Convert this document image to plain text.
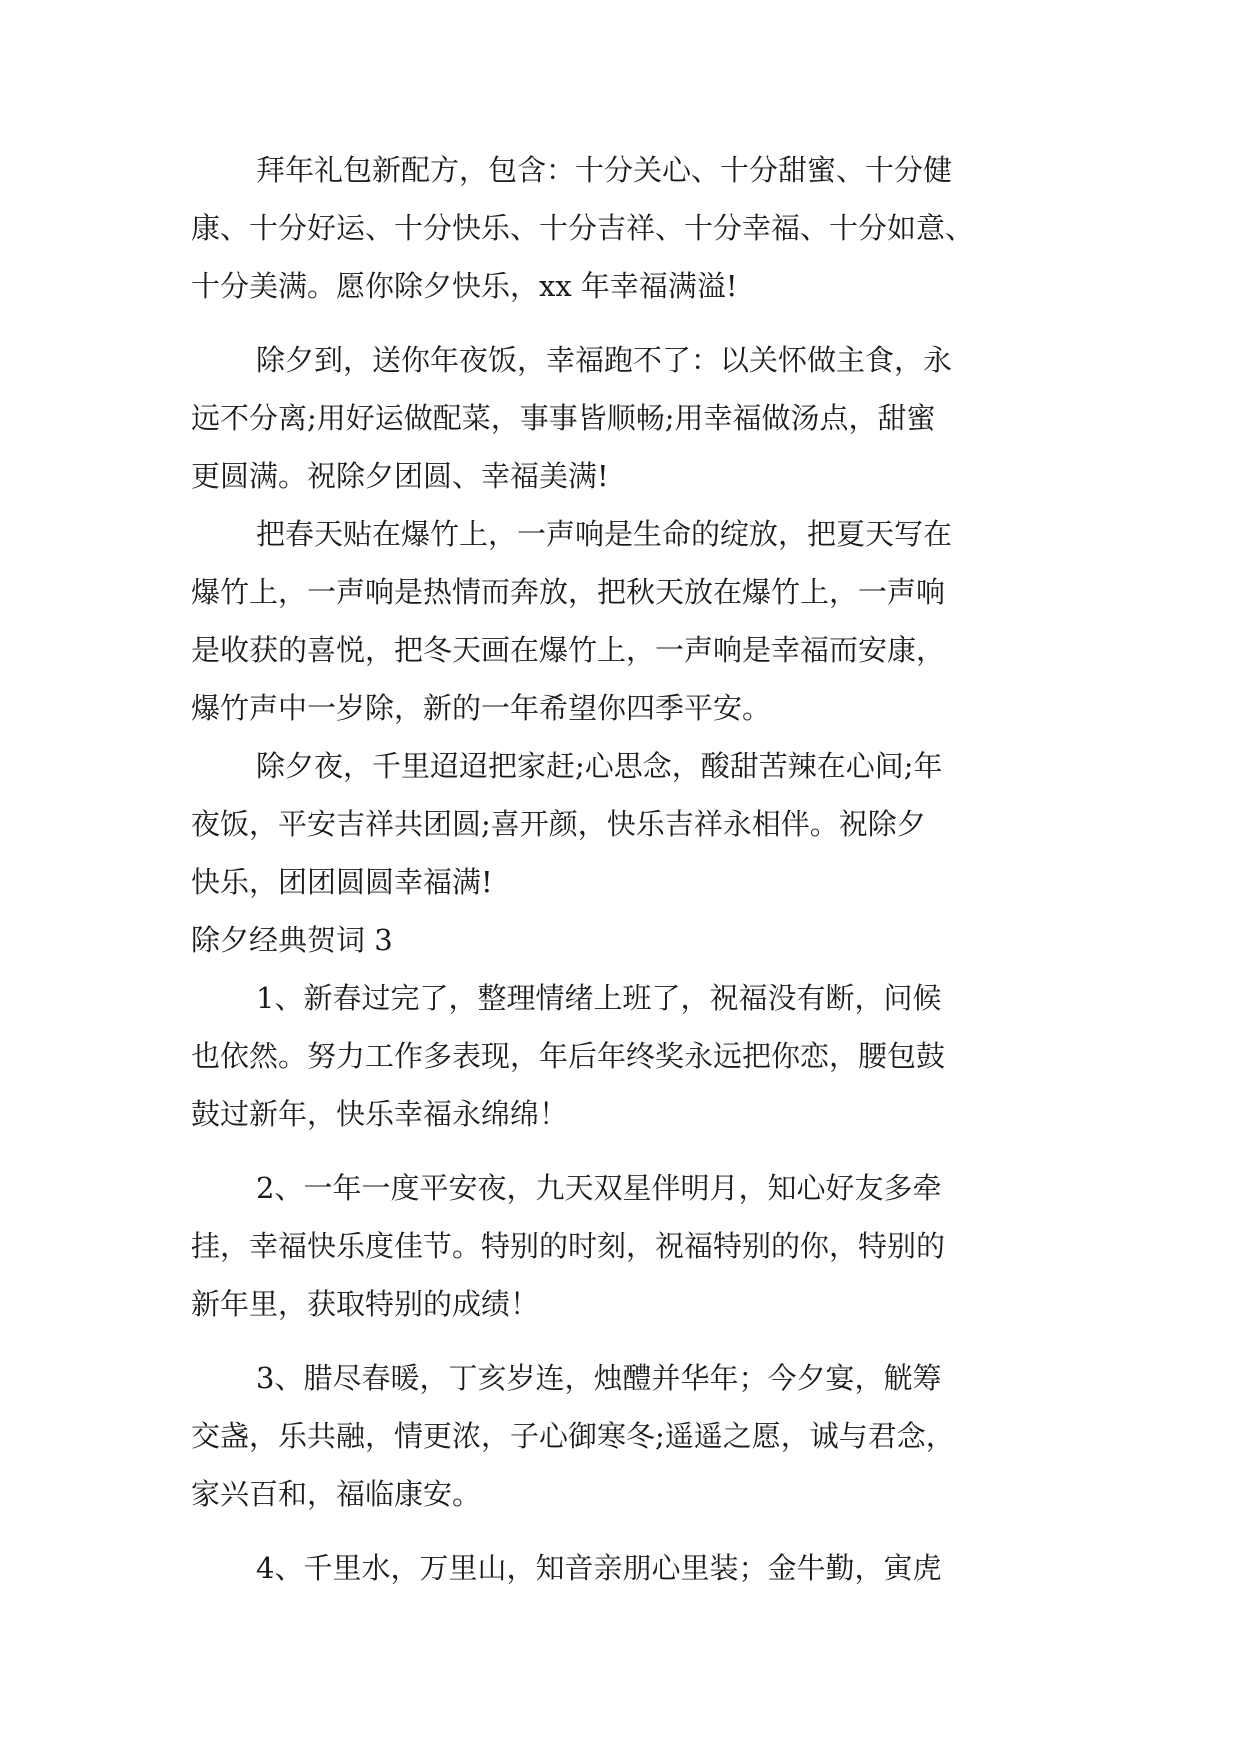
拜年礼包新配方，包含：十分关心、十分甜蜜、十分健
康、十分好运、十分快乐、十分吉祥、十分幸福、十分如意、
十分美满。愿你除夕快乐，xx 年幸福满溢!
除夕到，送你年夜饭，幸福跑不了：以关怀做主食，永
远不分离;用好运做配菜，事事皆顺畅;用幸福做汤点，甜蜜
更圆满。祝除夕团圆、幸福美满!
把春天贴在爆竹上，一声响是生命的绽放，把夏天写在
爆竹上，一声响是热情而奔放，把秋天放在爆竹上，一声响
是收获的喜悦，把冬天画在爆竹上，一声响是幸福而安康，
爆竹声中一岁除，新的一年希望你四季平安。
除夕夜，千里迢迢把家赶;心思念，酸甜苦辣在心间;年
夜饭，平安吉祥共团圆;喜开颜，快乐吉祥永相伴。祝除夕
快乐，团团圆圆幸福满!
除夕经典贺词 3
1、新春过完了，整理情绪上班了，祝福没有断，问候
也依然。努力工作多表现，年后年终奖永远把你恋，腰包鼓
鼓过新年，快乐幸福永绵绵！
2、一年一度平安夜，九天双星伴明月，知心好友多牵
挂，幸福快乐度佳节。特别的时刻，祝福特别的你，特别的
新年里，获取特别的成绩！
3、腊尽春暖，丁亥岁连，烛醴并华年；今夕宴，觥筹
交盏，乐共融，情更浓，子心御寒冬;遥遥之愿，诚与君念，
家兴百和，福临康安。
4、千里水，万里山，知音亲朋心里装；金牛勤，寅虎
